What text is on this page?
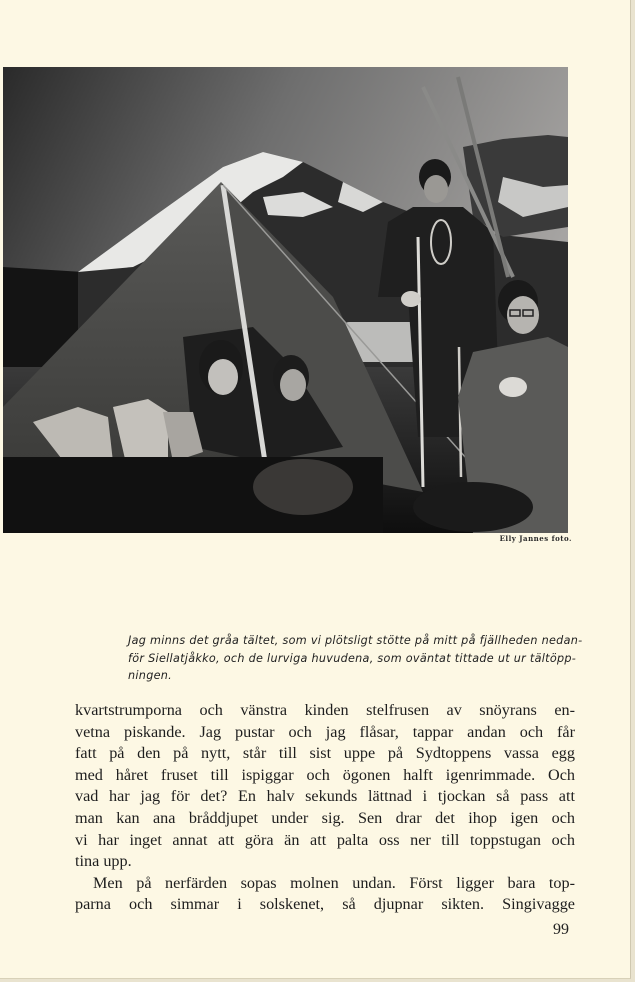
Elly Jannes foto.
Jag minns det gråa tältet, som vi plötsligt stötte på mitt på fjällheden nedan-
för Siellatjåkko, och de lurviga huvudena, som oväntat tittade ut ur tältöpp-
ningen.
kvartstrumporna och vänstra kinden stelfrusen av snöyrans en-
vetna piskande. Jag pustar och jag flåsar, tappar andan och får
fatt på den på nytt, står till sist uppe på Sydtoppens vassa egg
med håret fruset till ispiggar och ögonen halft igenrimmade. Och
vad har jag för det? En halv sekunds lättnad i tjockan så pass att
man kan ana bråddjupet under sig. Sen drar det ihop igen och
vi har inget annat att göra än att palta oss ner till toppstugan och
tina upp.
Men på nerfärden sopas molnen undan. Först ligger bara top-
parna och simmar i solskenet, så djupnar sikten. Singivagge
99
